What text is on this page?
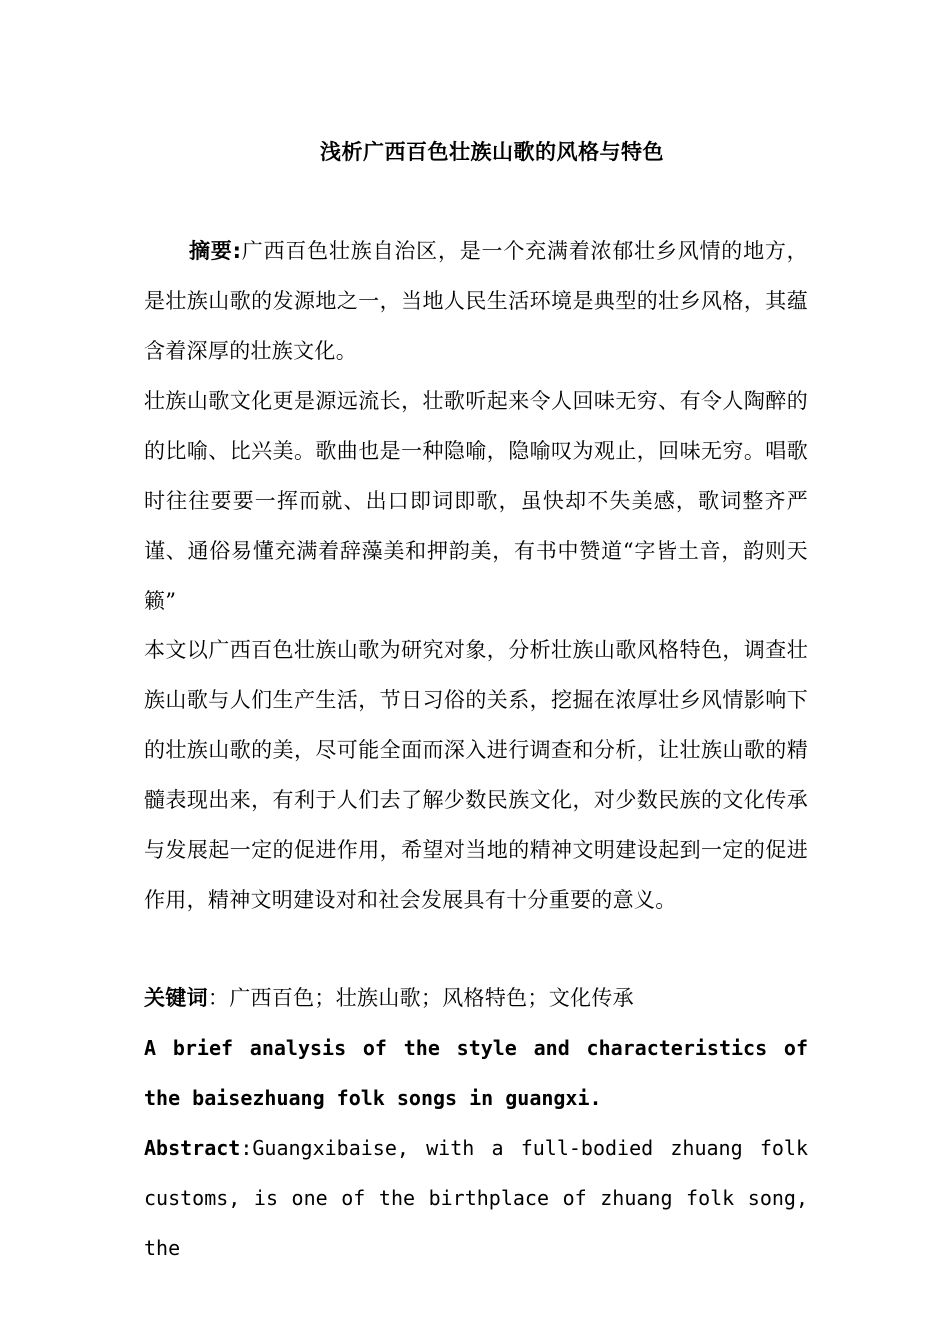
浅析广西百色壮族山歌的风格与特色
摘要:广西百色壮族自治区，是一个充满着浓郁壮乡风情的地方，是壮族山歌的发源地之一，当地人民生活环境是典型的壮乡风格，其蕴含着深厚的壮族文化。
壮族山歌文化更是源远流长，壮歌听起来令人回味无穷、有令人陶醉的的比喻、比兴美。歌曲也是一种隐喻，隐喻叹为观止，回味无穷。唱歌时往往要要一挥而就、出口即词即歌，虽快却不失美感，歌词整齐严谨、通俗易懂充满着辞藻美和押韵美，有书中赞道“字皆土音，韵则天籁”
本文以广西百色壮族山歌为研究对象，分析壮族山歌风格特色，调查壮族山歌与人们生产生活，节日习俗的关系，挖掘在浓厚壮乡风情影响下的壮族山歌的美，尽可能全面而深入进行调查和分析，让壮族山歌的精髓表现出来，有利于人们去了解少数民族文化，对少数民族的文化传承与发展起一定的促进作用，希望对当地的精神文明建设起到一定的促进作用，精神文明建设对和社会发展具有十分重要的意义。
关键词：广西百色；壮族山歌；风格特色；文化传承
A brief analysis of the style and characteristics of the baisezhuang folk songs in guangxi.
Abstract:Guangxibaise, with a full-bodied zhuang folk customs, is one of the birthplace of zhuang folk song, the
